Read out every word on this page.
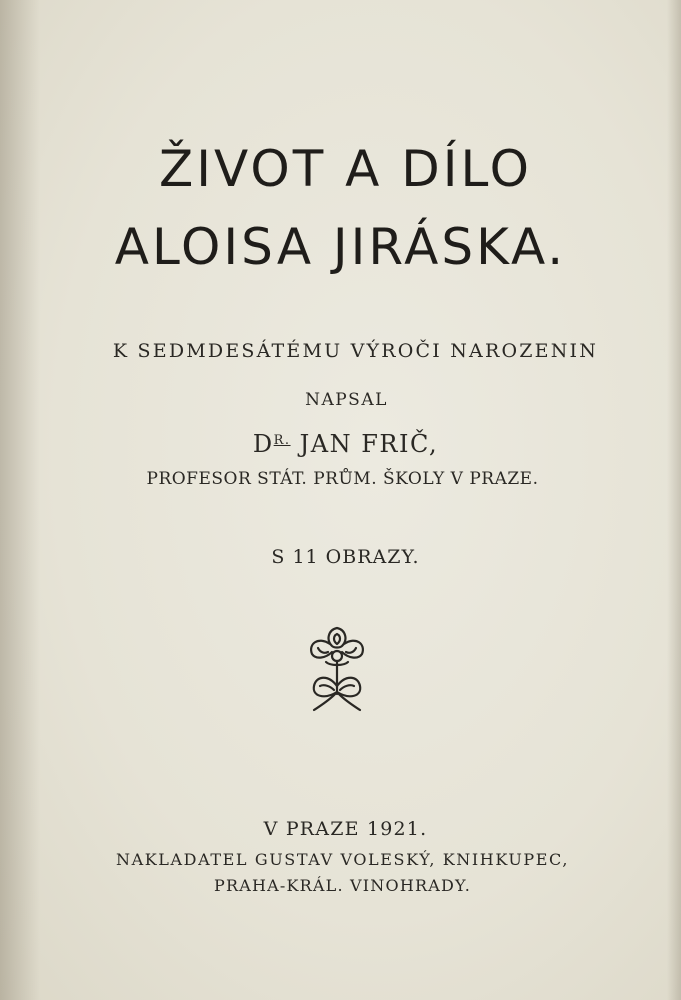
ŽIVOT A DÍLO
ALOISA JIRÁSKA.
K SEDMDESÁTÉMU VÝROČI NAROZENIN
NAPSAL
$D^{R.}$ JAN FRIČ,
PROFESOR STÁT. PRŮM. ŠKOLY V PRAZE.
S 11 OBRAZY.
V PRAZE 1921.
NAKLADATEL GUSTAV VOLESKÝ, KNIHKUPEC,
PRAHA-KRÁL. VINOHRADY.
